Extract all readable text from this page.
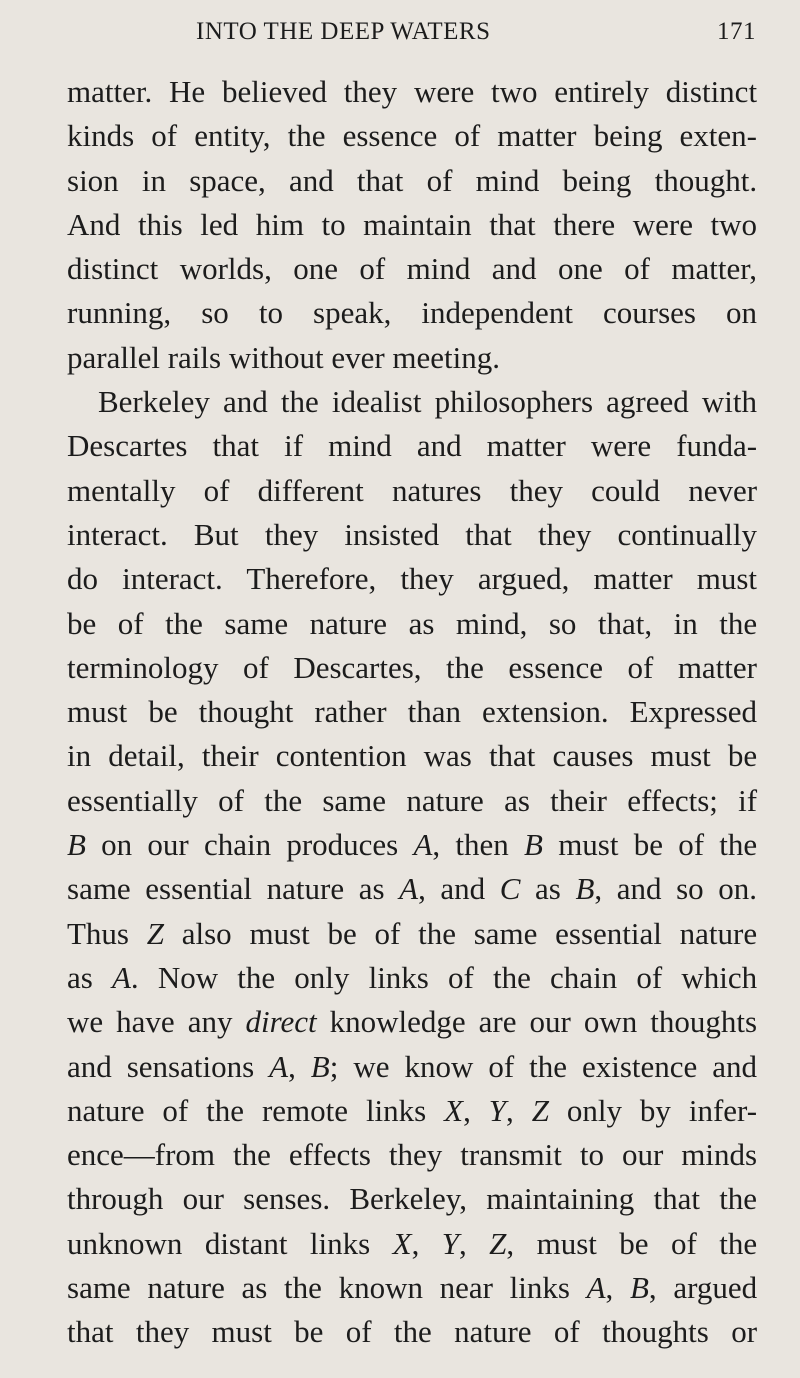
INTO THE DEEP WATERS	171
matter. He believed they were two entirely distinct
kinds of entity, the essence of matter being exten-
sion in space, and that of mind being thought.
And this led him to maintain that there were two
distinct worlds, one of mind and one of matter,
running, so to speak, independent courses on
parallel rails without ever meeting.
Berkeley and the idealist philosophers agreed with
Descartes that if mind and matter were funda-
mentally of different natures they could never
interact. But they insisted that they continually
do interact. Therefore, they argued, matter must
be of the same nature as mind, so that, in the
terminology of Descartes, the essence of matter
must be thought rather than extension. Expressed
in detail, their contention was that causes must be
essentially of the same nature as their effects; if
B on our chain produces A, then B must be of the
same essential nature as A, and C as B, and so on.
Thus Z also must be of the same essential nature
as A. Now the only links of the chain of which
we have any direct knowledge are our own thoughts
and sensations A, B; we know of the existence and
nature of the remote links X, Y, Z only by infer-
ence—from the effects they transmit to our minds
through our senses. Berkeley, maintaining that the
unknown distant links X, Y, Z, must be of the
same nature as the known near links A, B, argued
that they must be of the nature of thoughts or
